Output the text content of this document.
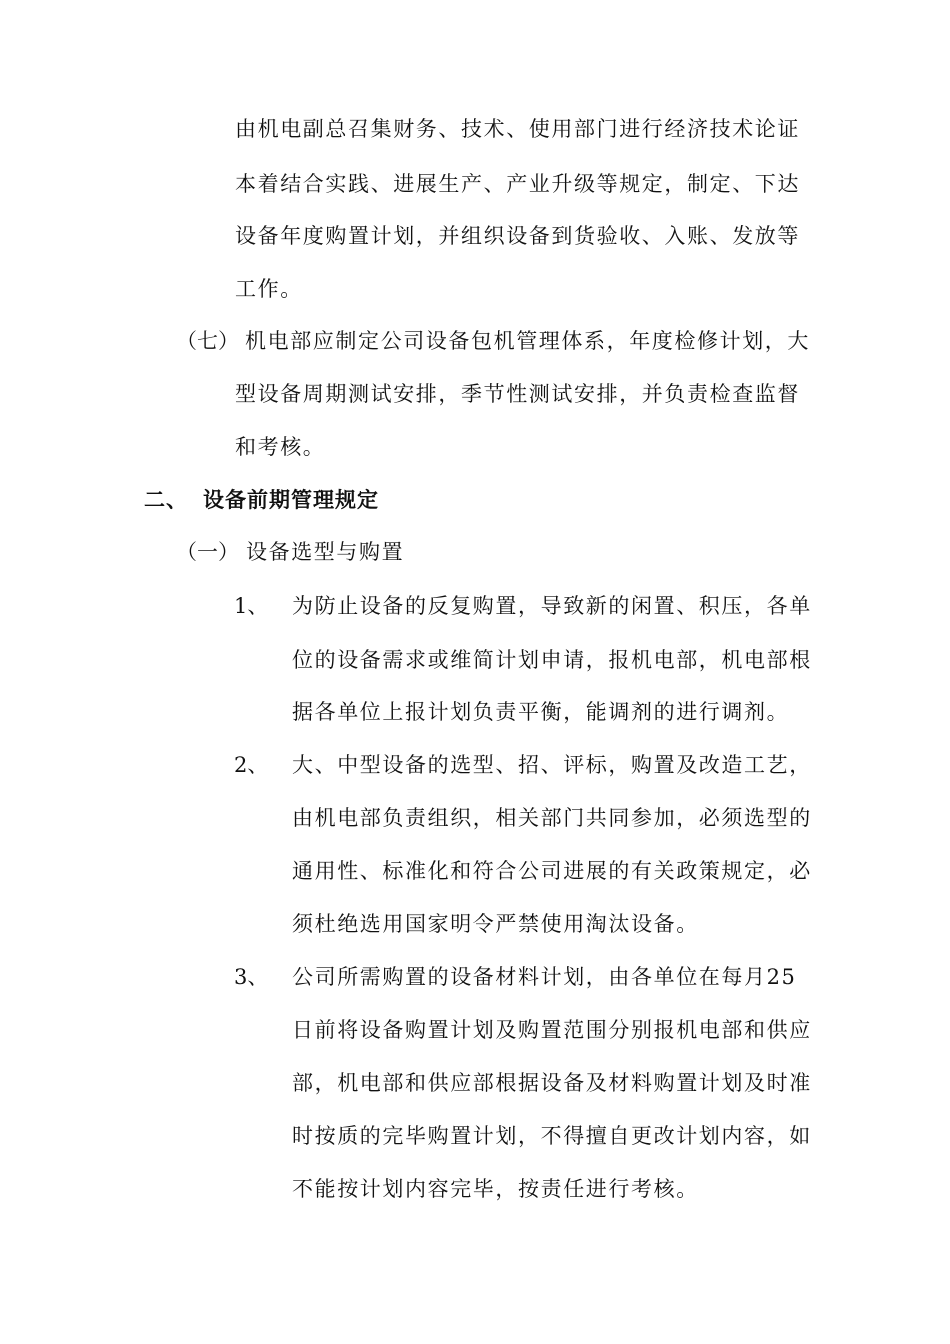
由机电副总召集财务、技术、使用部门进行经济技术论证
本着结合实践、进展生产、产业升级等规定，制定、下达
设备年度购置计划，并组织设备到货验收、入账、发放等
工作。
（七） 机电部应制定公司设备包机管理体系，年度检修计划，大
型设备周期测试安排，季节性测试安排，并负责检查监督
和考核。
二、 设备前期管理规定
（一） 设备选型与购置
1、 为防止设备的反复购置，导致新的闲置、积压，各单
位的设备需求或维简计划申请，报机电部，机电部根
据各单位上报计划负责平衡，能调剂的进行调剂。
2、 大、中型设备的选型、招、评标，购置及改造工艺，
由机电部负责组织，相关部门共同参加，必须选型的
通用性、标准化和符合公司进展的有关政策规定，必
须杜绝选用国家明令严禁使用淘汰设备。
3、 公司所需购置的设备材料计划，由各单位在每月25
日前将设备购置计划及购置范围分别报机电部和供应
部，机电部和供应部根据设备及材料购置计划及时准
时按质的完毕购置计划，不得擅自更改计划内容，如
不能按计划内容完毕，按责任进行考核。
